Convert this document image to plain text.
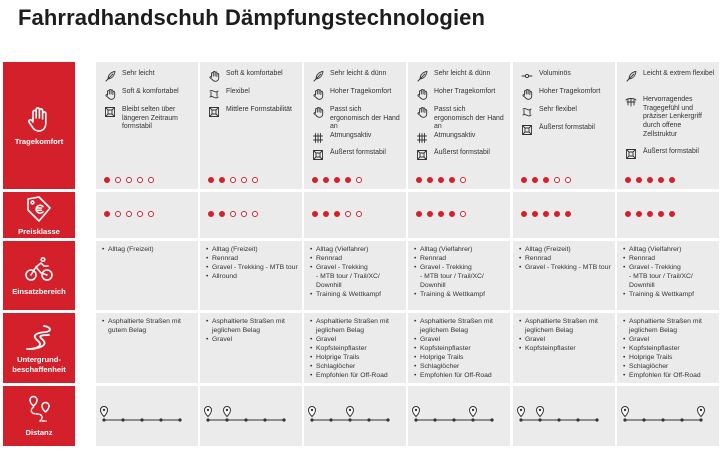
Fahrradhandschuh Dämpfungstechnologien
Tragekomfort
Preisklasse
Einsatzbereich
Untergrund-
beschaffenheit
Distanz
Sehr leicht
Soft & komfortabel
Bleibt selten über längeren Zeitraum formstabil
• Alltag (Freizeit)
• Asphaltierte Straßen mit gutem Belag
Soft & komfortabel
Flexibel
Mittlere Formstabilität
• Alltag (Freizeit)
• Rennrad
• Gravel - Trekking - MTB tour
• Allround
• Asphaltierte Straßen mit jeglichem Belag
• Gravel
Sehr leicht & dünn
Hoher Tragekomfort
Passt sich ergonomisch der Hand an
Atmungsaktiv
Äußerst formstabil
• Alltag (Vielfahrer)
• Rennrad
• Gravel - Trekking
- MTB tour / Trail/XC/
Downhill
• Training & Wettkampf
• Asphaltierte Straßen mit jeglichem Belag
• Gravel
• Kopfsteinpflaster
• Holprige Trails
• Schlaglöcher
• Empfohlen für Off-Road
Sehr leicht & dünn
Hoher Tragekomfort
Passt sich ergonomisch der Hand an
Atmungsaktiv
Äußerst formstabil
• Alltag (Vielfahrer)
• Rennrad
• Gravel - Trekking
- MTB tour / Trail/XC/
Downhill
• Training & Wettkampf
• Asphaltierte Straßen mit jeglichem Belag
• Gravel
• Kopfsteinpflaster
• Holprige Trails
• Schlaglöcher
• Empfohlen für Off-Road
Voluminös
Hoher Tragekomfort
Sehr flexibel
Äußerst formstabil
• Alltag (Freizeit)
• Rennrad
• Gravel - Trekking - MTB tour
• Asphaltierte Straßen mit jeglichem Belag
• Gravel
• Kopfsteinpflaster
Leicht & extrem flexibel
Hervorragendes Tragegefühl und präziser Lenkergriff durch offene Zellstruktur
Äußerst formstabil
• Alltag (Vielfahrer)
• Rennrad
• Gravel - Trekking
- MTB tour / Trail/XC/
Downhill
• Training & Wettkampf
• Asphaltierte Straßen mit jeglichem Belag
• Gravel
• Kopfsteinpflaster
• Holprige Trails
• Schlaglöcher
• Empfohlen für Off-Road
